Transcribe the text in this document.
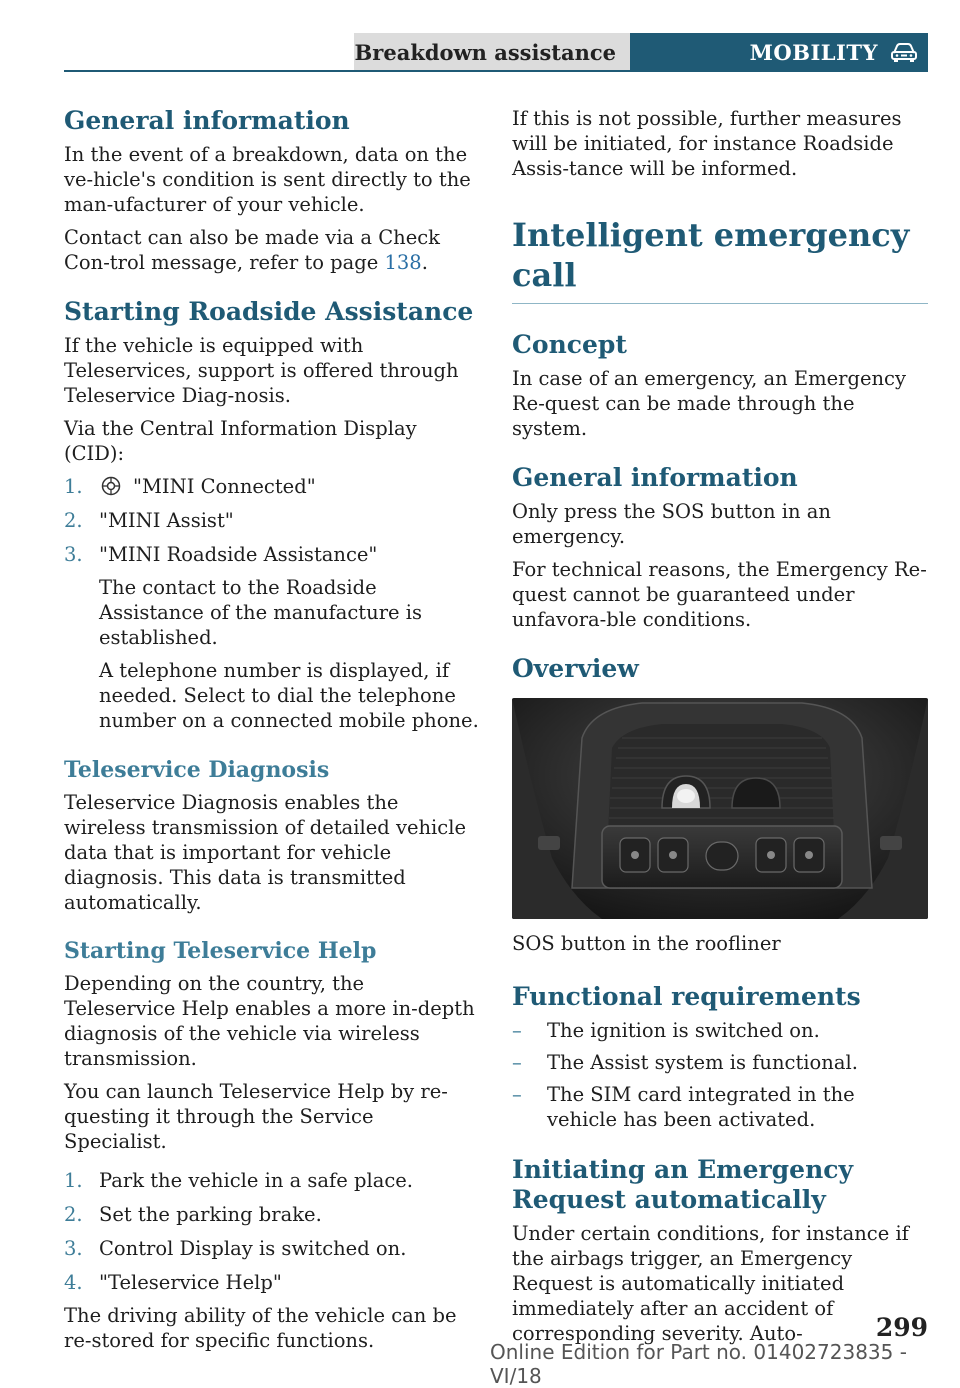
Breakdown assistance	MOBILITY
General information

In the event of a breakdown, data on the ve-hicle's condition is sent directly to the man-ufacturer of your vehicle.

Contact can also be made via a Check Con-trol message, refer to page 138.

Starting Roadside Assistance

If the vehicle is equipped with Teleservices, support is offered through Teleservice Diag-nosis.

Via the Central Information Display (CID):

1.	"MINI Connected"
2. "MINI Assist"
3. "MINI Roadside Assistance"

The contact to the Roadside Assistance of the manufacture is established.

A telephone number is displayed, if needed. Select to dial the telephone number on a connected mobile phone.

Teleservice Diagnosis

Teleservice Diagnosis enables the wireless transmission of detailed vehicle data that is important for vehicle diagnosis. This data is transmitted automatically.

Starting Teleservice Help

Depending on the country, the Teleservice Help enables a more in-depth diagnosis of the vehicle via wireless transmission.

You can launch Teleservice Help by re-questing it through the Service Specialist.

1. Park the vehicle in a safe place.
2. Set the parking brake.
3. Control Display is switched on.
4. "Teleservice Help"

The driving ability of the vehicle can be re-stored for specific functions.

If this is not possible, further measures will be initiated, for instance Roadside Assis-tance will be informed.

Intelligent emergency call
Concept

In case of an emergency, an Emergency Re-quest can be made through the system.

General information

Only press the SOS button in an emergency.

For technical reasons, the Emergency Re-quest cannot be guaranteed under unfavora-ble conditions.

Overview

SOS button in the roofliner

Functional requirements
– The ignition is switched on.
– The Assist system is functional.
– The SIM card integrated in the vehicle has been activated.
Initiating an Emergency Request automatically

Under certain conditions, for instance if the airbags trigger, an Emergency Request is automatically initiated immediately after an accident of corresponding severity. Auto-	299
Online Edition for Part no. 01402723835 - VI/18
